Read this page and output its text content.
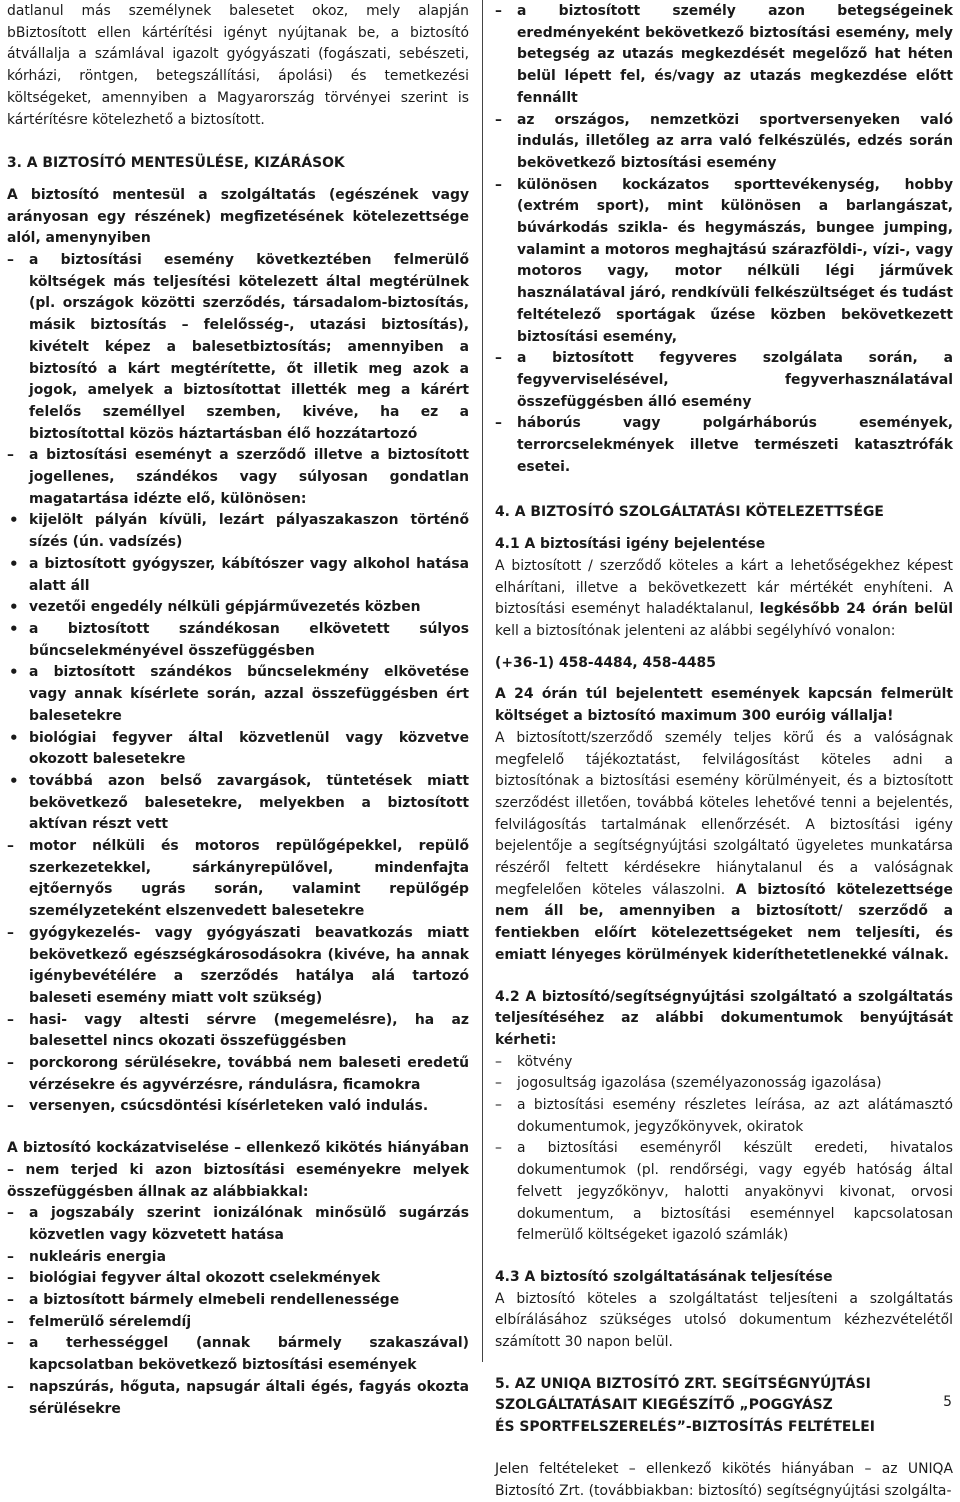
datlanul más személynek balesetet okoz, mely alapján bBiztosított ellen kártérítési igényt nyújtanak be, a biztosító átvállalja a számlával igazolt gyógyászati (fogászati, sebészeti, kórházi, röntgen, betegszállítási, ápolási) és temetkezési költségeket, amennyiben a Magyarország törvényei szerint is kártérítésre kötelezhető a biztosított.

3. A BIZTOSÍTÓ MENTESÜLÉSE, KIZÁRÁSOK

A biztosító mentesül a szolgáltatás (egészének vagy arányosan egy részének) megfizetésének kötelezettsége alól, amenynyiben

– a biztosítási esemény következtében felmerülő költségek más teljesítési kötelezett által megtérülnek (pl. országok közötti szerződés, társadalom-biztosítás, másik biztosítás – felelősség-, utazási biztosítás), kivételt képez a balesetbiztosítás; amennyiben a biztosító a kárt megtérítette, őt illetik meg azok a jogok, amelyek a biztosítottat illették meg a kárért felelős személlyel szemben, kivéve, ha ez a biztosítottal közös háztartásban élő hozzátartozó
– a biztosítási eseményt a szerződő illetve a biztosított jogellenes, szándékos vagy súlyosan gondatlan magatartása idézte elő, különösen:
• kijelölt pályán kívüli, lezárt pályaszakaszon történő sízés (ún. vadsízés)
• a biztosított gyógyszer, kábítószer vagy alkohol hatása alatt áll
• vezetői engedély nélküli gépjárművezetés közben
• a biztosított szándékosan elkövetett súlyos bűncselekményével összefüggésben
• a biztosított szándékos bűncselekmény elkövetése vagy annak kísérlete során, azzal összefüggésben ért balesetekre
• biológiai fegyver által közvetlenül vagy közvetve okozott balesetekre
• továbbá azon belső zavargások, tüntetések miatt bekövetkező balesetekre, melyekben a biztosított aktívan részt vett
– motor nélküli és motoros repülőgépekkel, repülő szerkezetekkel, sárkányrepülővel, mindenfajta ejtőernyős ugrás során, valamint repülőgép személyzeteként elszenvedett balesetekre
– gyógykezelés- vagy gyógyászati beavatkozás miatt bekövetkező egészségkárosodásokra (kivéve, ha annak igénybevétélére a szerződés hatálya alá tartozó baleseti esemény miatt volt szükség)
– hasi- vagy altesti sérvre (megemelésre), ha az balesettel nincs okozati összefüggésben
– porckorong sérülésekre, továbbá nem baleseti eredetű vérzésekre és agyvérzésre, rándulásra, ficamokra
– versenyen, csúcsdöntési kísérleteken való indulás.

A biztosító kockázatviselése – ellenkező kikötés hiányában – nem terjed ki azon biztosítási eseményekre melyek összefüggésben állnak az alábbiakkal:

– a jogszabály szerint ionizálónak minősülő sugárzás közvetlen vagy közvetett hatása
– nukleáris energia
– biológiai fegyver által okozott cselekmények
– a biztosított bármely elmebeli rendellenessége
– felmerülő sérelemdíj
– a terhességgel (annak bármely szakaszával) kapcsolatban bekövetkező biztosítási események
– napszúrás, hőguta, napsugár általi égés, fagyás okozta sérülésekre
– a biztosított személy azon betegségeinek eredményeként bekövetkező biztosítási esemény, mely betegség az utazás megkezdését megelőző hat héten belül lépett fel, és/vagy az utazás megkezdése előtt fennállt
– az országos, nemzetközi sportversenyeken való indulás, illetőleg az arra való felkészülés, edzés során bekövetkező biztosítási esemény
– különösen kockázatos sporttevékenység, hobby (extrém sport), mint különösen a barlangászat, búvárkodás szikla- és hegymászás, bungee jumping, valamint a motoros meghajtású szárazföldi-, vízi-, vagy motoros vagy, motor nélküli légi járművek használatával járó, rendkívüli felkészültséget és tudást feltételező sportágak űzése közben bekövetkezett biztosítási esemény,
– a biztosított fegyveres szolgálata során, a fegyverviselésével, fegyverhasználatával összefüggésben álló esemény
– háborús vagy polgárháborús események, terrorcselekmények illetve természeti katasztrófák esetei.

4. A BIZTOSÍTÓ SZOLGÁLTATÁSI KÖTELEZETTSÉGE

4.1 A biztosítási igény bejelentése

A biztosított / szerződő köteles a kárt a lehetőségekhez képest elhárítani, illetve a bekövetkezett kár mértékét enyhíteni. A biztosítási eseményt haladéktalanul, legkésőbb 24 órán belül kell a biztosítónak jelenteni az alábbi segélyhívó vonalon:

(+36-1) 458-4484, 458-4485

A 24 órán túl bejelentett események kapcsán felmerült költséget a biztosító maximum 300 euróig vállalja!

A biztosított/szerződő személy teljes körű és a valóságnak megfelelő tájékoztatást, felvilágosítást köteles adni a biztosítónak a biztosítási esemény körülményeit, és a biztosított szerződést illetően, továbbá köteles lehetővé tenni a bejelentés, felvilágosítás tartalmának ellenőrzését. A biztosítási igény bejelentője a segítségnyújtási szolgáltató ügyeletes munkatársa részéről feltett kérdésekre hiánytalanul és a valóságnak megfelelően köteles válaszolni. A biztosító kötelezettsége nem áll be, amennyiben a biztosított/ szerződő a fentiekben előírt kötelezettségeket nem teljesíti, és emiatt lényeges körülmények kideríthetetlenekké válnak.

4.2 A biztosító/segítségnyújtási szolgáltató a szolgáltatás teljesítéséhez az alábbi dokumentumok benyújtását kérheti:

– kötvény
– jogosultság igazolása (személyazonosság igazolása)
– a biztosítási esemény részletes leírása, az azt alátámasztó dokumentumok, jegyzőkönyvek, okiratok
– a biztosítási eseményről készült eredeti, hivatalos dokumentumok (pl. rendőrségi, vagy egyéb hatóság által felvett jegyzőkönyv, halotti anyakönyvi kivonat, orvosi dokumentum, a biztosítási eseménnyel kapcsolatosan felmerülő költségeket igazoló számlák)

4.3 A biztosító szolgáltatásának teljesítése

A biztosító köteles a szolgáltatást teljesíteni a szolgáltatás elbírálásához szükséges utolsó dokumentum kézhezvételétől számított 30 napon belül.

5. AZ UNIQA BIZTOSÍTÓ ZRT. SEGÍTSÉGNYÚJTÁSI

SZOLGÁLTATÁSAIT KIEGÉSZÍTŐ „POGGYÁSZ

ÉS SPORTFELSZERELÉS”-BIZTOSÍTÁS FELTÉTELEI

Jelen feltételeket – ellenkező kikötés hiányában – az UNIQA Biztosító Zrt. (továbbiakban: biztosító) segítségnyújtási szolgálta-

5
